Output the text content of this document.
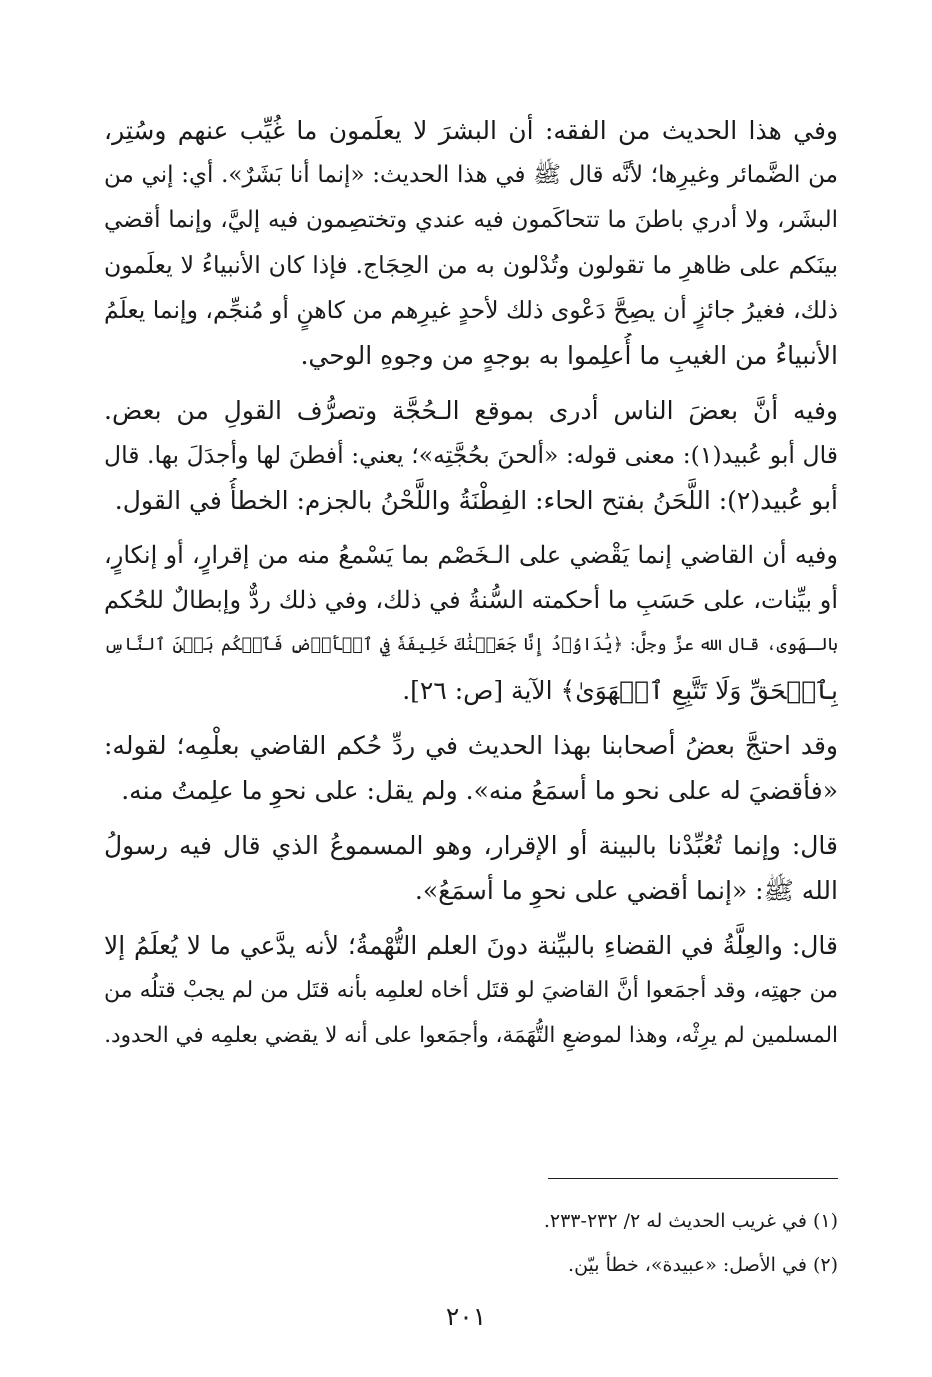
وفي هذا الحديث من الفقه: أن البشرَ لا يعلَمون ما غُيِّب عنهم وسُتِر،
من الضَّمائر وغيرِها؛ لأنَّه قال ﷺ في هذا الحديث: «إنما أنا بَشَرٌ». أي: إني من
البشَر، ولا أدري باطنَ ما تتحاكَمون فيه عندي وتختصِمون فيه إليَّ، وإنما أقضي
بينَكم على ظاهرِ ما تقولون وتُدْلون به من الحِجَاج. فإذا كان الأنبياءُ لا يعلَمون
ذلك، فغيرُ جائزٍ أن يصِحَّ دَعْوى ذلك لأحدٍ غيرِهم من كاهنٍ أو مُنجِّم، وإنما يعلَمُ
الأنبياءُ من الغيبِ ما أُعلِموا به بوجهٍ من وجوهِ الوحي.
وفيه أنَّ بعضَ الناس أدرى بموقع الـحُجَّة وتصرُّف القولِ من بعض.
قال أبو عُبيد(١): معنى قوله: «ألحنَ بحُجَّتِه»؛ يعني: أفطنَ لها وأجدَلَ بها. قال
أبو عُبيد(٢): اللَّحَنُ بفتح الحاء: الفِطْنَةُ واللَّحْنُ بالجزم: الخطأُ في القول.
وفيه أن القاضي إنما يَقْضي على الـخَصْم بما يَسْمعُ منه من إقرارٍ، أو إنكارٍ،
أو بيِّنات، على حَسَبِ ما أحكمته السُّنةُ في ذلك، وفي ذلك ردٌّ وإبطالٌ للحُكم
بالـهَوى، قال الله عزَّ وجلَّ: ﴿يَٰدَاوُۥدُ إِنَّا جَعَلۡنَٰكَ خَلِيفَةٗ فِي ٱلۡأَرۡضِ فَٱحۡكُم بَيۡنَ ٱلنَّاسِ
بِٱلۡحَقِّ وَلَا تَتَّبِعِ ٱلۡهَوَىٰ﴾ الآية [ص: ٢٦].
وقد احتجَّ بعضُ أصحابنا بهذا الحديث في ردِّ حُكم القاضي بعلْمِه؛ لقوله:
«فأقضيَ له على نحو ما أسمَعُ منه». ولم يقل: على نحوِ ما علِمتُ منه.
قال: وإنما تُعُبِّدْنا بالبينة أو الإقرار، وهو المسموعُ الذي قال فيه رسولُ
الله ﷺ: «إنما أقضي على نحوِ ما أسمَعُ».
قال: والعِلَّةُ في القضاءِ بالبيِّنة دونَ العلم التُّهْمةُ؛ لأنه يدَّعي ما لا يُعلَمُ إلا
من جهتِه، وقد أجمَعوا أنَّ القاضيَ لو قتَل أخاه لعلمِه بأنه قتَل من لم يجبْ قتلُه من
المسلمين لم يرِثْه، وهذا لموضعِ التُّهَمَة، وأجمَعوا على أنه لا يقضي بعلمِه في الحدود.
(١) في غريب الحديث له ٢/ ٢٣٢-٢٣٣.
(٢) في الأصل: «عبيدة»، خطأ بيّن.
٢٠١
